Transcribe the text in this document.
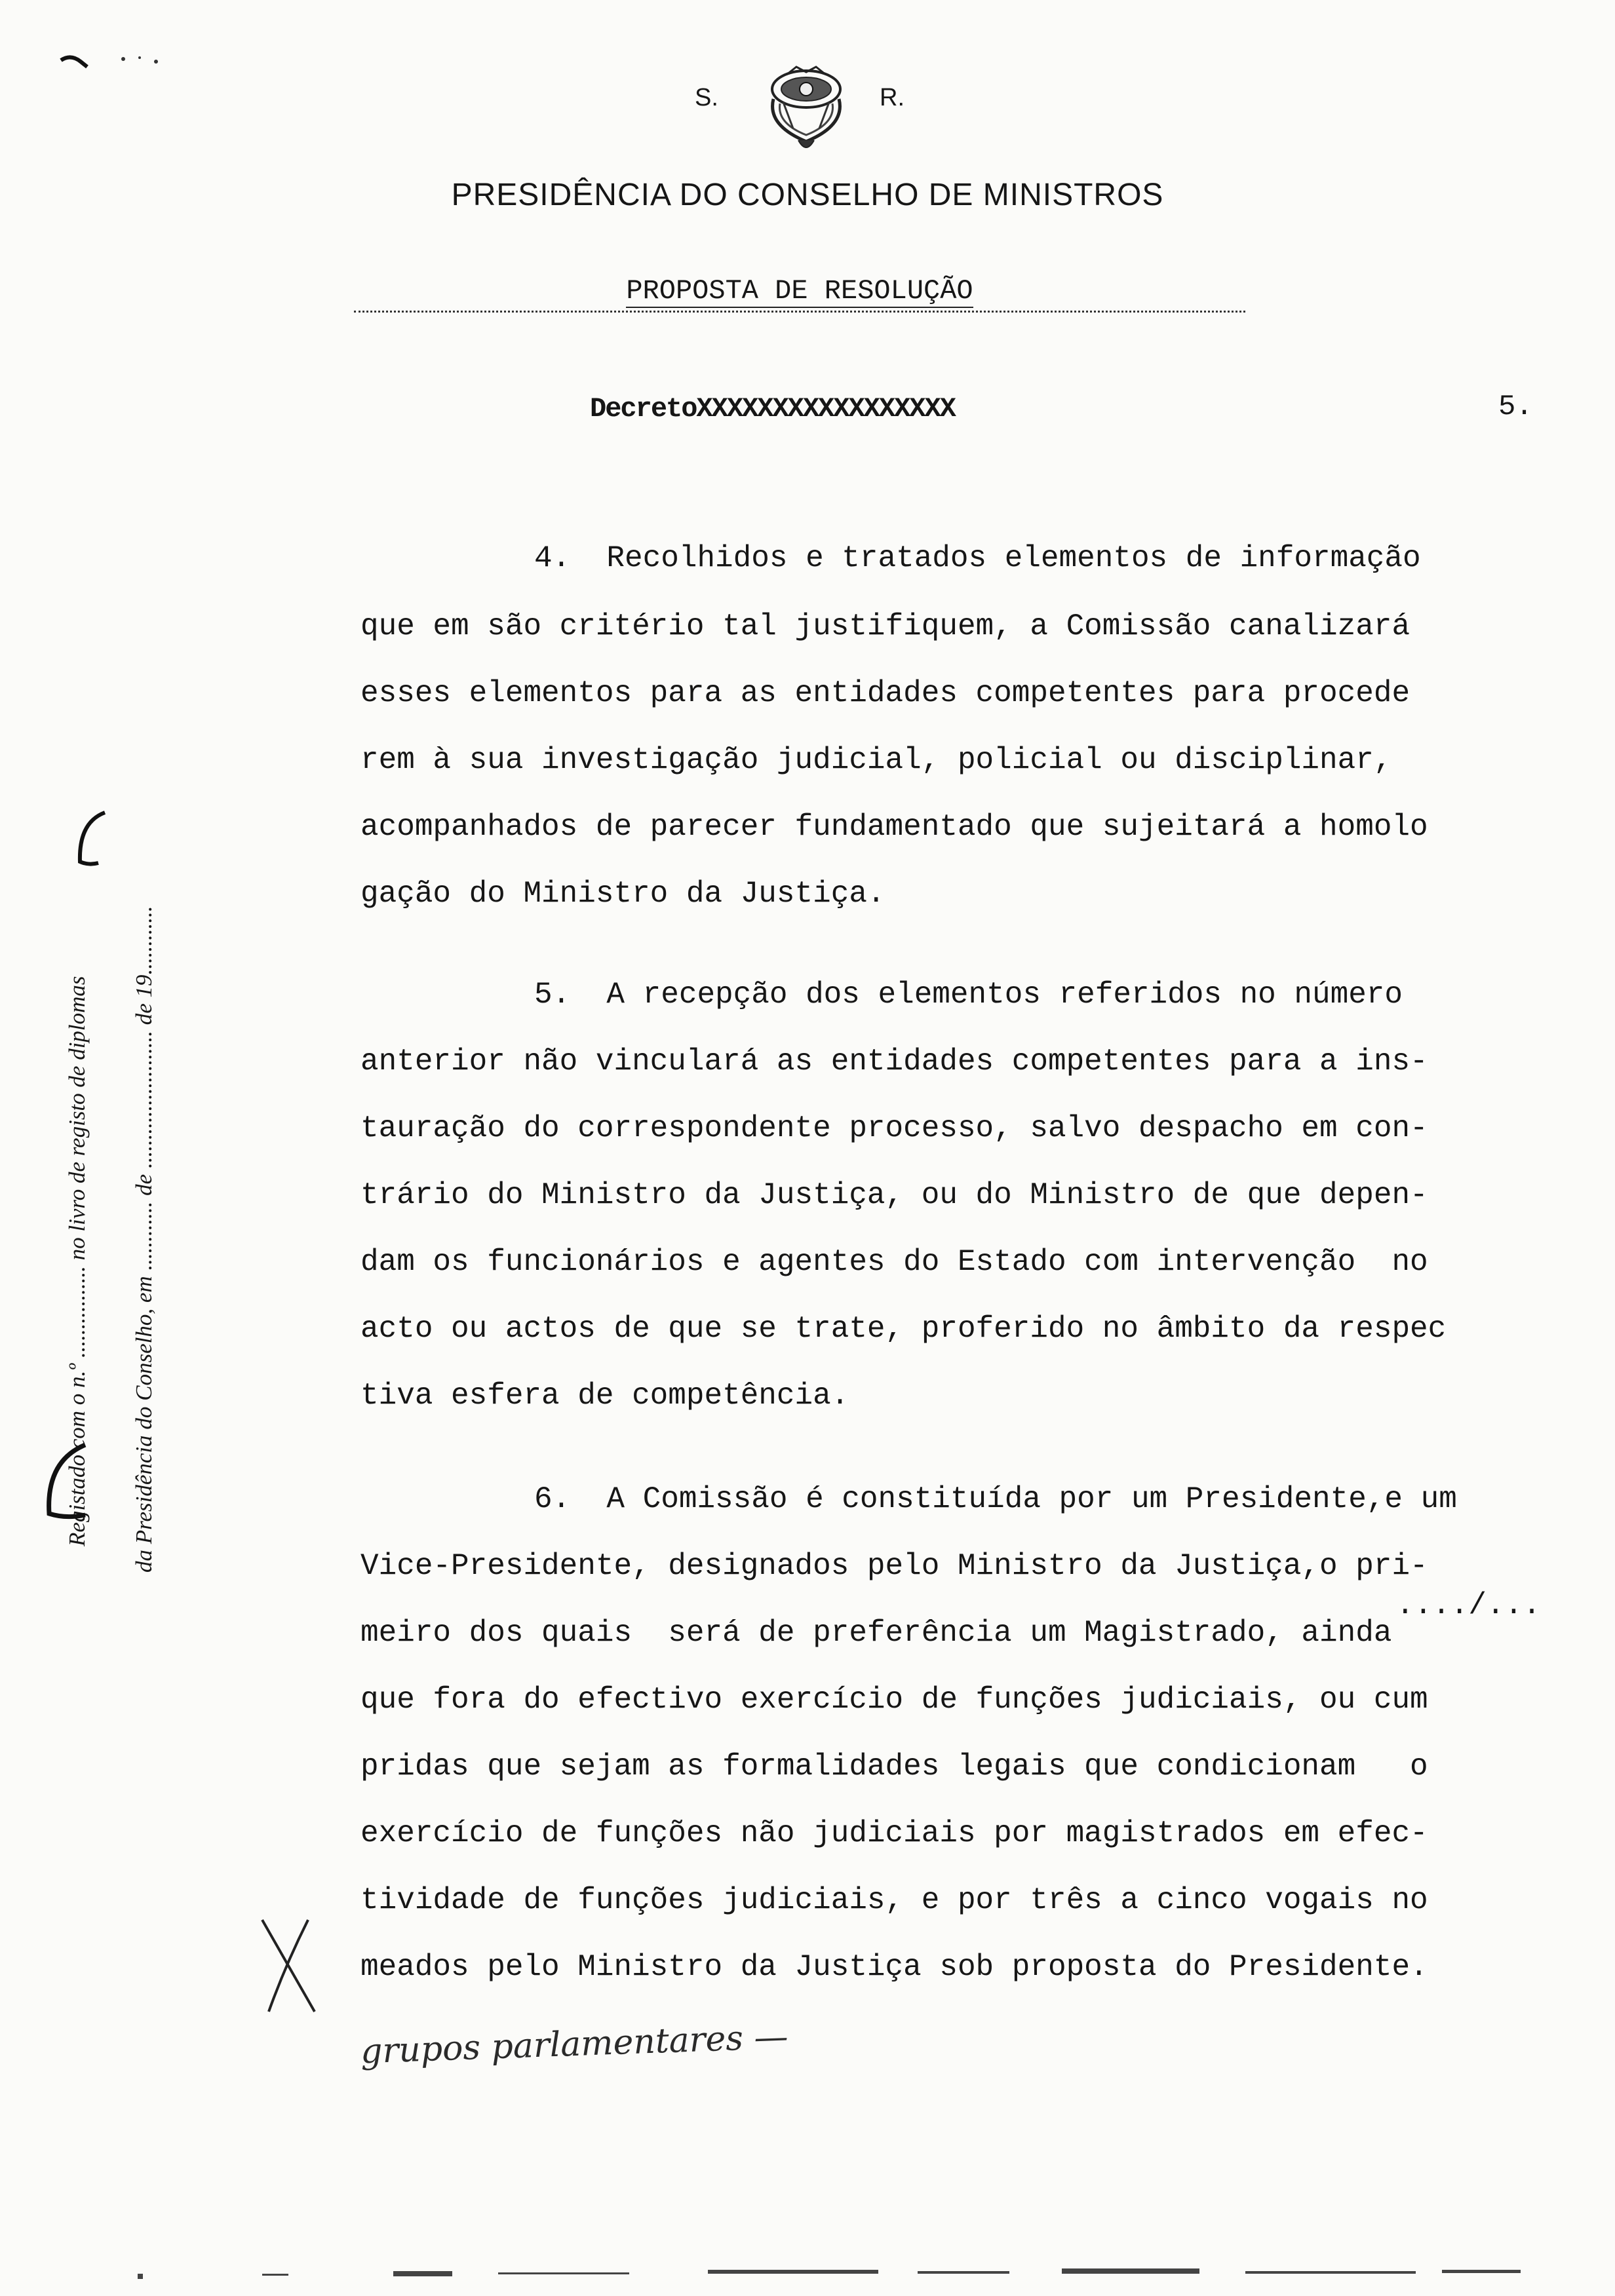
S.	R.
PRESIDÊNCIA DO CONSELHO DE MINISTROS
PROPOSTA DE RESOLUÇÃO
DecretoXXXXXXXXXXXXXXXXX	5.
4.  Recolhidos e tratados elementos de informação
que em são critério tal justifiquem, a Comissão canalizará
esses elementos para as entidades competentes para procede
rem à sua investigação judicial, policial ou disciplinar,
acompanhados de parecer fundamentado que sujeitará a homolo
gação do Ministro da Justiça.
5.  A recepção dos elementos referidos no número
anterior não vinculará as entidades competentes para a ins-
tauração do correspondente processo, salvo despacho em con-
trário do Ministro da Justiça, ou do Ministro de que depen-
dam os funcionários e agentes do Estado com intervenção  no
acto ou actos de que se trate, proferido no âmbito da respec
tiva esfera de competência.
6.  A Comissão é constituída por um Presidente,e um
Vice-Presidente, designados pelo Ministro da Justiça,o pri-
meiro dos quais  será de preferência um Magistrado, ainda
que fora do efectivo exercício de funções judiciais, ou cum
pridas que sejam as formalidades legais que condicionam   o
exercício de funções não judiciais por magistrados em efec-
tividade de funções judiciais, e por três a cinco vogais no
meados pelo Ministro da Justiça sob proposta do Presidente.
grupos parlamentares —
..../...
Registado com o n.º ................ no livro de registo de diplomas da Presidência do Conselho, em ............ de ........................ de 19............
